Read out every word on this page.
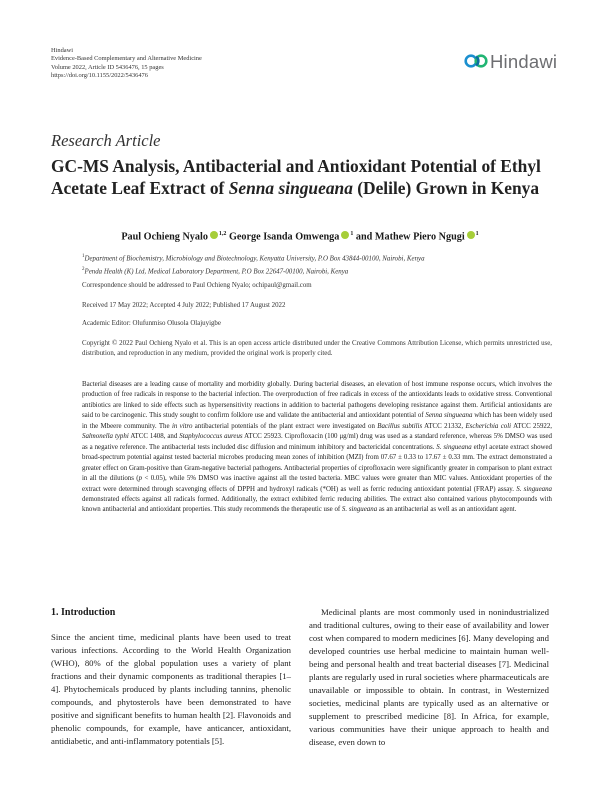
Hindawi
Evidence-Based Complementary and Alternative Medicine
Volume 2022, Article ID 5436476, 15 pages
https://doi.org/10.1155/2022/5436476
Hindawi
Research Article
GC-MS Analysis, Antibacterial and Antioxidant Potential of Ethyl
Acetate Leaf Extract of Senna singueana (Delile) Grown in Kenya
Paul Ochieng Nyalo $^{1,2}$ George Isanda Omwenga $^1$ and Mathew Piero Ngugi $^1$
$^1$Department of Biochemistry, Microbiology and Biotechnology, Kenyatta University, P.O Box 43844-00100, Nairobi, Kenya
$^2$Penda Health (K) Ltd, Medical Laboratory Department, P.O Box 22647-00100, Nairobi, Kenya
Correspondence should be addressed to Paul Ochieng Nyalo; ochipaul@gmail.com
Received 17 May 2022; Accepted 4 July 2022; Published 17 August 2022
Academic Editor: Olufunmiso Olusola Olajuyigbe
Copyright © 2022 Paul Ochieng Nyalo et al. This is an open access article distributed under the Creative Commons Attribution License, which permits unrestricted use, distribution, and reproduction in any medium, provided the original work is properly cited.
Bacterial diseases are a leading cause of mortality and morbidity globally. During bacterial diseases, an elevation of host immune response occurs, which involves the production of free radicals in response to the bacterial infection. The overproduction of free radicals in excess of the antioxidants leads to oxidative stress. Conventional antibiotics are linked to side effects such as hypersensitivity reactions in addition to bacterial pathogens developing resistance against them. Artificial antioxidants are said to be carcinogenic. This study sought to confirm folklore use and validate the antibacterial and antioxidant potential of Senna singueana which has been widely used in the Mbeere community. The in vitro antibacterial potentials of the plant extract were investigated on Bacillus subtilis ATCC 21332, Escherichia coli ATCC 25922, Salmonella typhi ATCC 1408, and Staphylococcus aureus ATCC 25923. Ciprofloxacin (100 μg/ml) drug was used as a standard reference, whereas 5% DMSO was used as a negative reference. The antibacterial tests included disc diffusion and minimum inhibitory and bactericidal concentrations. S. singueana ethyl acetate extract showed broad-spectrum potential against tested bacterial microbes producing mean zones of inhibition (MZI) from 07.67 ± 0.33 to 17.67 ± 0.33 mm. The extract demonstrated a greater effect on Gram-positive than Gram-negative bacterial pathogens. Antibacterial properties of ciprofloxacin were significantly greater in comparison to plant extract in all the dilutions (p < 0.05), while 5% DMSO was inactive against all the tested bacteria. MBC values were greater than MIC values. Antioxidant properties of the extract were determined through scavenging effects of DPPH and hydroxyl radicals (*OH) as well as ferric reducing antioxidant potential (FRAP) assay. S. singueana demonstrated effects against all radicals formed. Additionally, the extract exhibited ferric reducing abilities. The extract also contained various phytocompounds with known antibacterial and antioxidant properties. This study recommends the therapeutic use of S. singueana as an antibacterial as well as an antioxidant agent.
1. Introduction
Since the ancient time, medicinal plants have been used to treat various infections. According to the World Health Organization (WHO), 80% of the global population uses a variety of plant fractions and their dynamic components as traditional therapies [1–4]. Phytochemicals produced by plants including tannins, phenolic compounds, and phytosterols have been demonstrated to have positive and significant benefits to human health [2]. Flavonoids and phenolic compounds, for example, have anticancer, antioxidant, antidiabetic, and anti-inflammatory potentials [5].
Medicinal plants are most commonly used in nonindustrialized and traditional cultures, owing to their ease of availability and lower cost when compared to modern medicines [6]. Many developing and developed countries use herbal medicine to maintain human well-being and personal health and treat bacterial diseases [7]. Medicinal plants are regularly used in rural societies where pharmaceuticals are unavailable or impossible to obtain. In contrast, in Westernized societies, medicinal plants are typically used as an alternative or supplement to prescribed medicine [8]. In Africa, for example, various communities have their unique approach to health and disease, even down to
